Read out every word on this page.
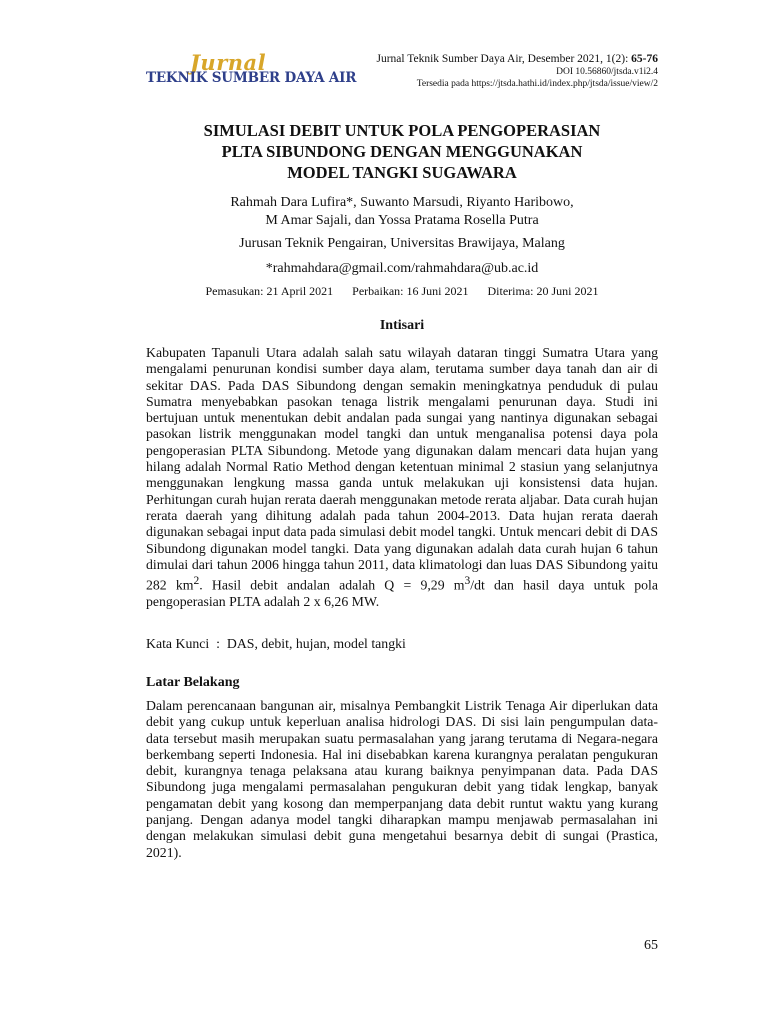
Jurnal
TEKNIK SUMBER DAYA AIR
Jurnal Teknik Sumber Daya Air, Desember 2021, 1(2): 65-76
DOI 10.56860/jtsda.v1i2.4
Tersedia pada https://jtsda.hathi.id/index.php/jtsda/issue/view/2
SIMULASI DEBIT UNTUK POLA PENGOPERASIAN
PLTA SIBUNDONG DENGAN MENGGUNAKAN
MODEL TANGKI SUGAWARA
Rahmah Dara Lufira*, Suwanto Marsudi, Riyanto Haribowo,
M Amar Sajali, dan Yossa Pratama Rosella Putra
Jurusan Teknik Pengairan, Universitas Brawijaya, Malang
*rahmahdara@gmail.com/rahmahdara@ub.ac.id
Pemasukan: 21 April 2021 Perbaikan: 16 Juni 2021 Diterima: 20 Juni 2021
Intisari

Kabupaten Tapanuli Utara adalah salah satu wilayah dataran tinggi Sumatra Utara yang mengalami penurunan kondisi sumber daya alam, terutama sumber daya tanah dan air di sekitar DAS. Pada DAS Sibundong dengan semakin meningkatnya penduduk di pulau Sumatra menyebabkan pasokan tenaga listrik mengalami penurunan daya. Studi ini bertujuan untuk menentukan debit andalan pada sungai yang nantinya digunakan sebagai pasokan listrik menggunakan model tangki dan untuk menganalisa potensi daya pola pengoperasian PLTA Sibundong. Metode yang digunakan dalam mencari data hujan yang hilang adalah Normal Ratio Method dengan ketentuan minimal 2 stasiun yang selanjutnya menggunakan lengkung massa ganda untuk melakukan uji konsistensi data hujan. Perhitungan curah hujan rerata daerah menggunakan metode rerata aljabar. Data curah hujan rerata daerah yang dihitung adalah pada tahun 2004-2013. Data hujan rerata daerah digunakan sebagai input data pada simulasi debit model tangki. Untuk mencari debit di DAS Sibundong digunakan model tangki. Data yang digunakan adalah data curah hujan 6 tahun dimulai dari tahun 2006 hingga tahun 2011, data klimatologi dan luas DAS Sibundong yaitu 282 $km^2$. Hasil debit andalan adalah Q = 9,29 $m^3/dt$ dan hasil daya untuk pola pengoperasian PLTA adalah 2 x 6,26 MW.

Kata Kunci : DAS, debit, hujan, model tangki
Latar Belakang

Dalam perencanaan bangunan air, misalnya Pembangkit Listrik Tenaga Air diperlukan data debit yang cukup untuk keperluan analisa hidrologi DAS. Di sisi lain pengumpulan data-data tersebut masih merupakan suatu permasalahan yang jarang terutama di Negara-negara berkembang seperti Indonesia. Hal ini disebabkan karena kurangnya peralatan pengukuran debit, kurangnya tenaga pelaksana atau kurang baiknya penyimpanan data. Pada DAS Sibundong juga mengalami permasalahan pengukuran debit yang tidak lengkap, banyak pengamatan debit yang kosong dan memperpanjang data debit runtut waktu yang kurang panjang. Dengan adanya model tangki diharapkan mampu menjawab permasalahan ini dengan melakukan simulasi debit guna mengetahui besarnya debit di sungai (Prastica, 2021).

65
